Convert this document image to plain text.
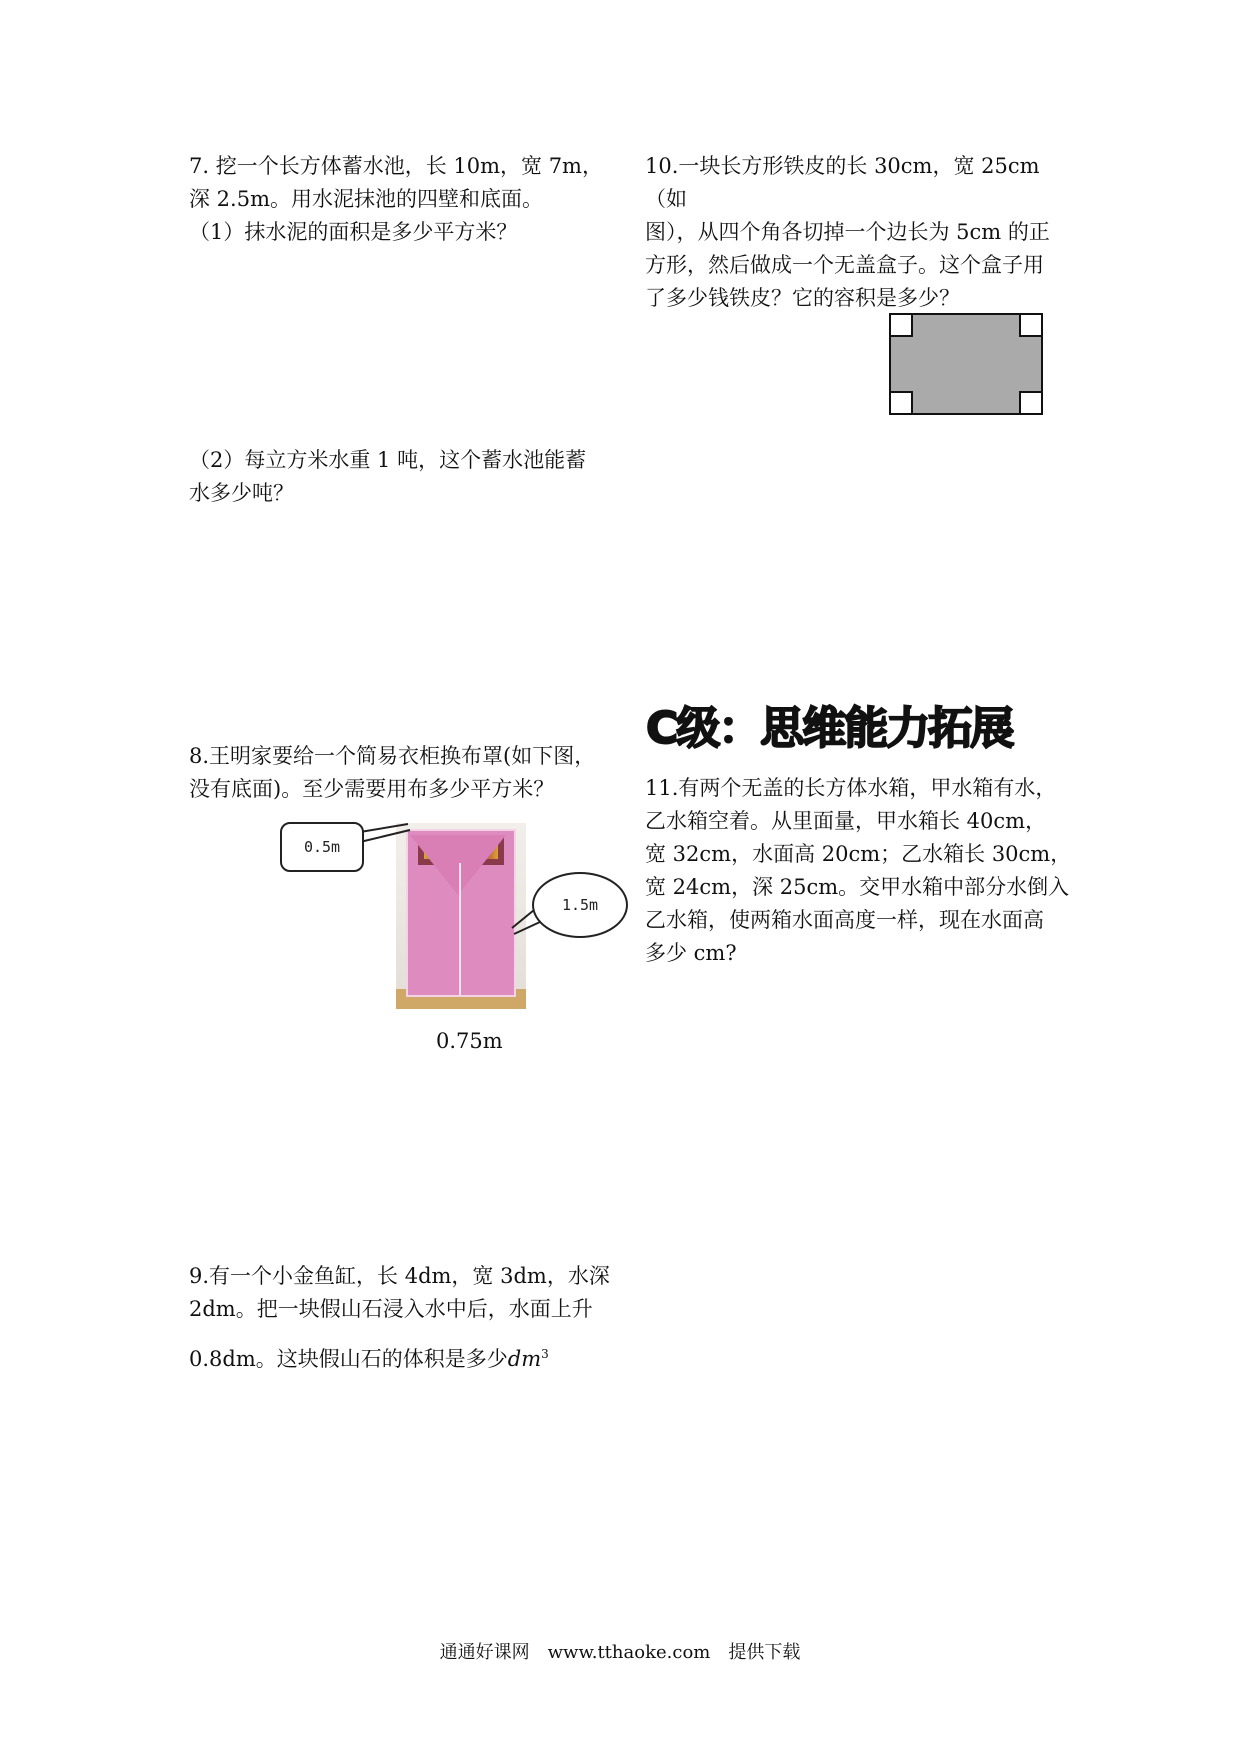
7. 挖一个长方体蓄水池，长 10m，宽 7m，

深 2.5m。用水泥抹池的四壁和底面。

（1）抹水泥的面积是多少平方米？

（2）每立方米水重 1 吨，这个蓄水池能蓄

水多少吨？

8.王明家要给一个简易衣柜换布罩(如下图，

没有底面)。至少需要用布多少平方米？

0.5m
1.5m
0.75m

9.有一个小金鱼缸，长 4dm，宽 3dm，水深

2dm。把一块假山石浸入水中后，水面上升

0.8dm。这块假山石的体积是多少$dm^3$

10.一块长方形铁皮的长 30cm，宽 25cm（如

图），从四个角各切掉一个边长为 5cm 的正

方形，然后做成一个无盖盒子。这个盒子用

了多少钱铁皮？它的容积是多少？

C级：思维能力拓展

11.有两个无盖的长方体水箱，甲水箱有水，

乙水箱空着。从里面量，甲水箱长 40cm，

宽 32cm，水面高 20cm；乙水箱长 30cm，

宽 24cm，深 25cm。交甲水箱中部分水倒入

乙水箱，使两箱水面高度一样，现在水面高

多少 cm?

通通好课网　www.tthaoke.com　提供下载
